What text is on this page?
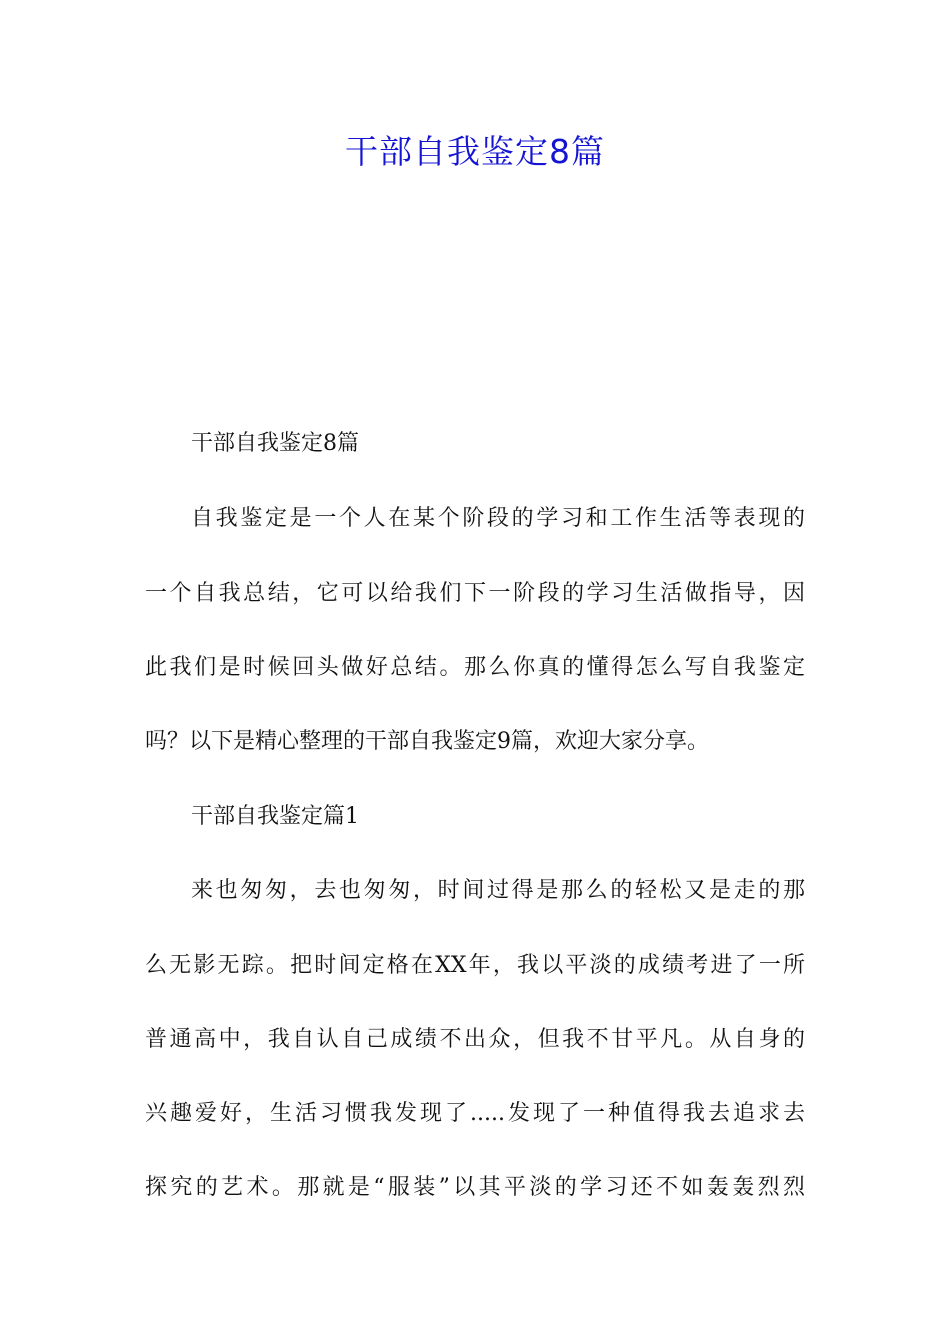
干部自我鉴定8篇
干部自我鉴定8篇
自我鉴定是一个人在某个阶段的学习和工作生活等表现的
一个自我总结，它可以给我们下一阶段的学习生活做指导，因
此我们是时候回头做好总结。那么你真的懂得怎么写自我鉴定
吗？以下是精心整理的干部自我鉴定9篇，欢迎大家分享。
干部自我鉴定篇1
来也匆匆，去也匆匆，时间过得是那么的轻松又是走的那
么无影无踪。把时间定格在XX年，我以平淡的成绩考进了一所
普通高中，我自认自己成绩不出众，但我不甘平凡。从自身的
兴趣爱好，生活习惯我发现了.....发现了一种值得我去追求去
探究的艺术。那就是“服装”以其平淡的学习还不如轰轰烈烈
